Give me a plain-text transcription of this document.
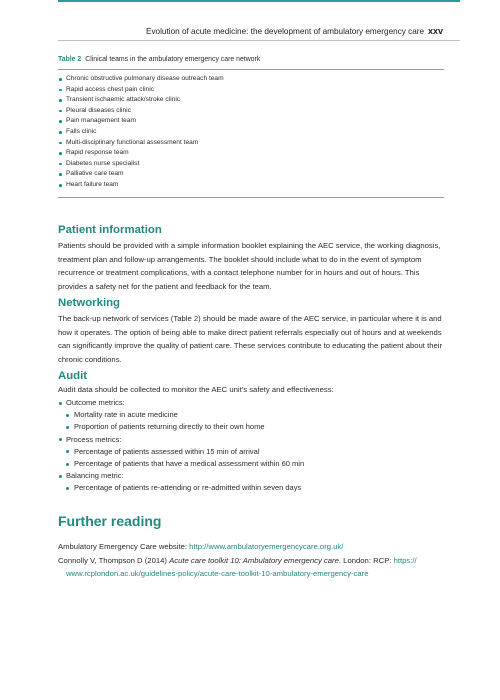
Evolution of acute medicine: the development of ambulatory emergency care xxv
Table 2 Clinical teams in the ambulatory emergency care network
Chronic obstructive pulmonary disease outreach team
Rapid access chest pain clinic
Transient ischaemic attack/stroke clinic
Pleural diseases clinic
Pain management team
Falls clinic
Multi-disciplinary functional assessment team
Rapid response team
Diabetes nurse specialist
Palliative care team
Heart failure team
Patient information

Patients should be provided with a simple information booklet explaining the AEC service, the working diagnosis,
treatment plan and follow-up arrangements. The booklet should include what to do in the event of symptom
recurrence or treatment complications, with a contact telephone number for in hours and out of hours. This
provides a safety net for the patient and feedback for the team.

Networking

The back-up network of services (Table 2) should be made aware of the AEC service, in particular where it is and
how it operates. The option of being able to make direct patient referrals especially out of hours and at weekends
can significantly improve the quality of patient care. These services contribute to educating the patient about their
chronic conditions.

Audit

Audit data should be collected to monitor the AEC unit's safety and effectiveness:

Outcome metrics:
Mortality rate in acute medicine
Proportion of patients returning directly to their own home
Process metrics:
Percentage of patients assessed within 15 min of arrival
Percentage of patients that have a medical assessment within 60 min
Balancing metric:
Percentage of patients re-attending or re-admitted within seven days
Further reading
Ambulatory Emergency Care website: http://www.ambulatoryemergencycare.org.uk/
Connolly V, Thompson D (2014) Acute care toolkit 10: Ambulatory emergency care. London: RCP: https://
www.rcplondon.ac.uk/guidelines-policy/acute-care-toolkit-10-ambulatory-emergency-care
